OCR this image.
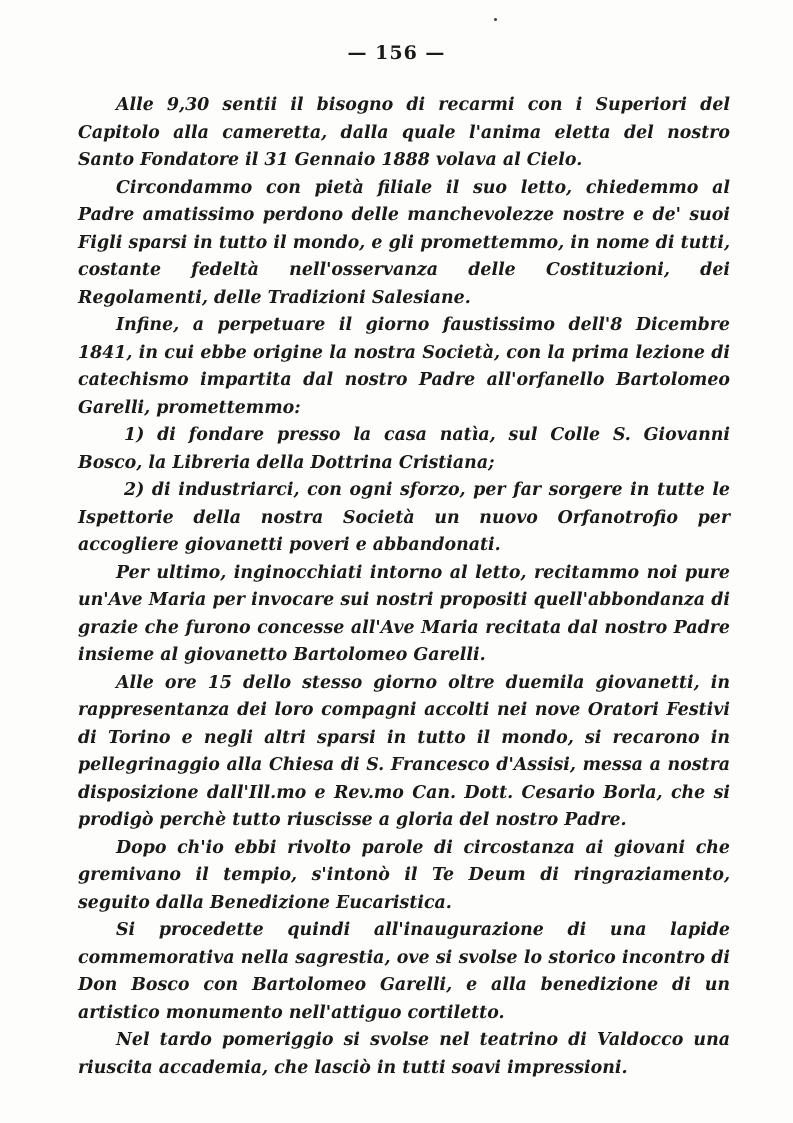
— 156 —

Alle 9,30 sentii il bisogno di recarmi con i Superiori del Capitolo alla cameretta, dalla quale l'anima eletta del nostro Santo Fondatore il 31 Gennaio 1888 volava al Cielo.

Circondammo con pietà filiale il suo letto, chiedemmo al Padre amatissimo perdono delle manchevolezze nostre e de' suoi Figli sparsi in tutto il mondo, e gli promettemmo, in nome di tutti, costante fedeltà nell'osservanza delle Costituzioni, dei Regolamenti, delle Tradizioni Salesiane.

Infine, a perpetuare il giorno faustissimo dell'8 Dicembre 1841, in cui ebbe origine la nostra Società, con la prima lezione di catechismo impartita dal nostro Padre all'orfanello Bartolomeo Garelli, promettemmo:

1) di fondare presso la casa natìa, sul Colle S. Giovanni Bosco, la Libreria della Dottrina Cristiana;

2) di industriarci, con ogni sforzo, per far sorgere in tutte le Ispettorie della nostra Società un nuovo Orfanotrofio per accogliere giovanetti poveri e abbandonati.

Per ultimo, inginocchiati intorno al letto, recitammo noi pure un'Ave Maria per invocare sui nostri propositi quell'abbondanza di grazie che furono concesse all'Ave Maria recitata dal nostro Padre insieme al giovanetto Bartolomeo Garelli.

Alle ore 15 dello stesso giorno oltre duemila giovanetti, in rappresentanza dei loro compagni accolti nei nove Oratori Festivi di Torino e negli altri sparsi in tutto il mondo, si recarono in pellegrinaggio alla Chiesa di S. Francesco d'Assisi, messa a nostra disposizione dall'Ill.mo e Rev.mo Can. Dott. Cesario Borla, che si prodigò perchè tutto riuscisse a gloria del nostro Padre.

Dopo ch'io ebbi rivolto parole di circostanza ai giovani che gremivano il tempio, s'intonò il Te Deum di ringraziamento, seguito dalla Benedizione Eucaristica.

Si procedette quindi all'inaugurazione di una lapide commemorativa nella sagrestia, ove si svolse lo storico incontro di Don Bosco con Bartolomeo Garelli, e alla benedizione di un artistico monumento nell'attiguo cortiletto.

Nel tardo pomeriggio si svolse nel teatrino di Valdocco una riuscita accademia, che lasciò in tutti soavi impressioni.
